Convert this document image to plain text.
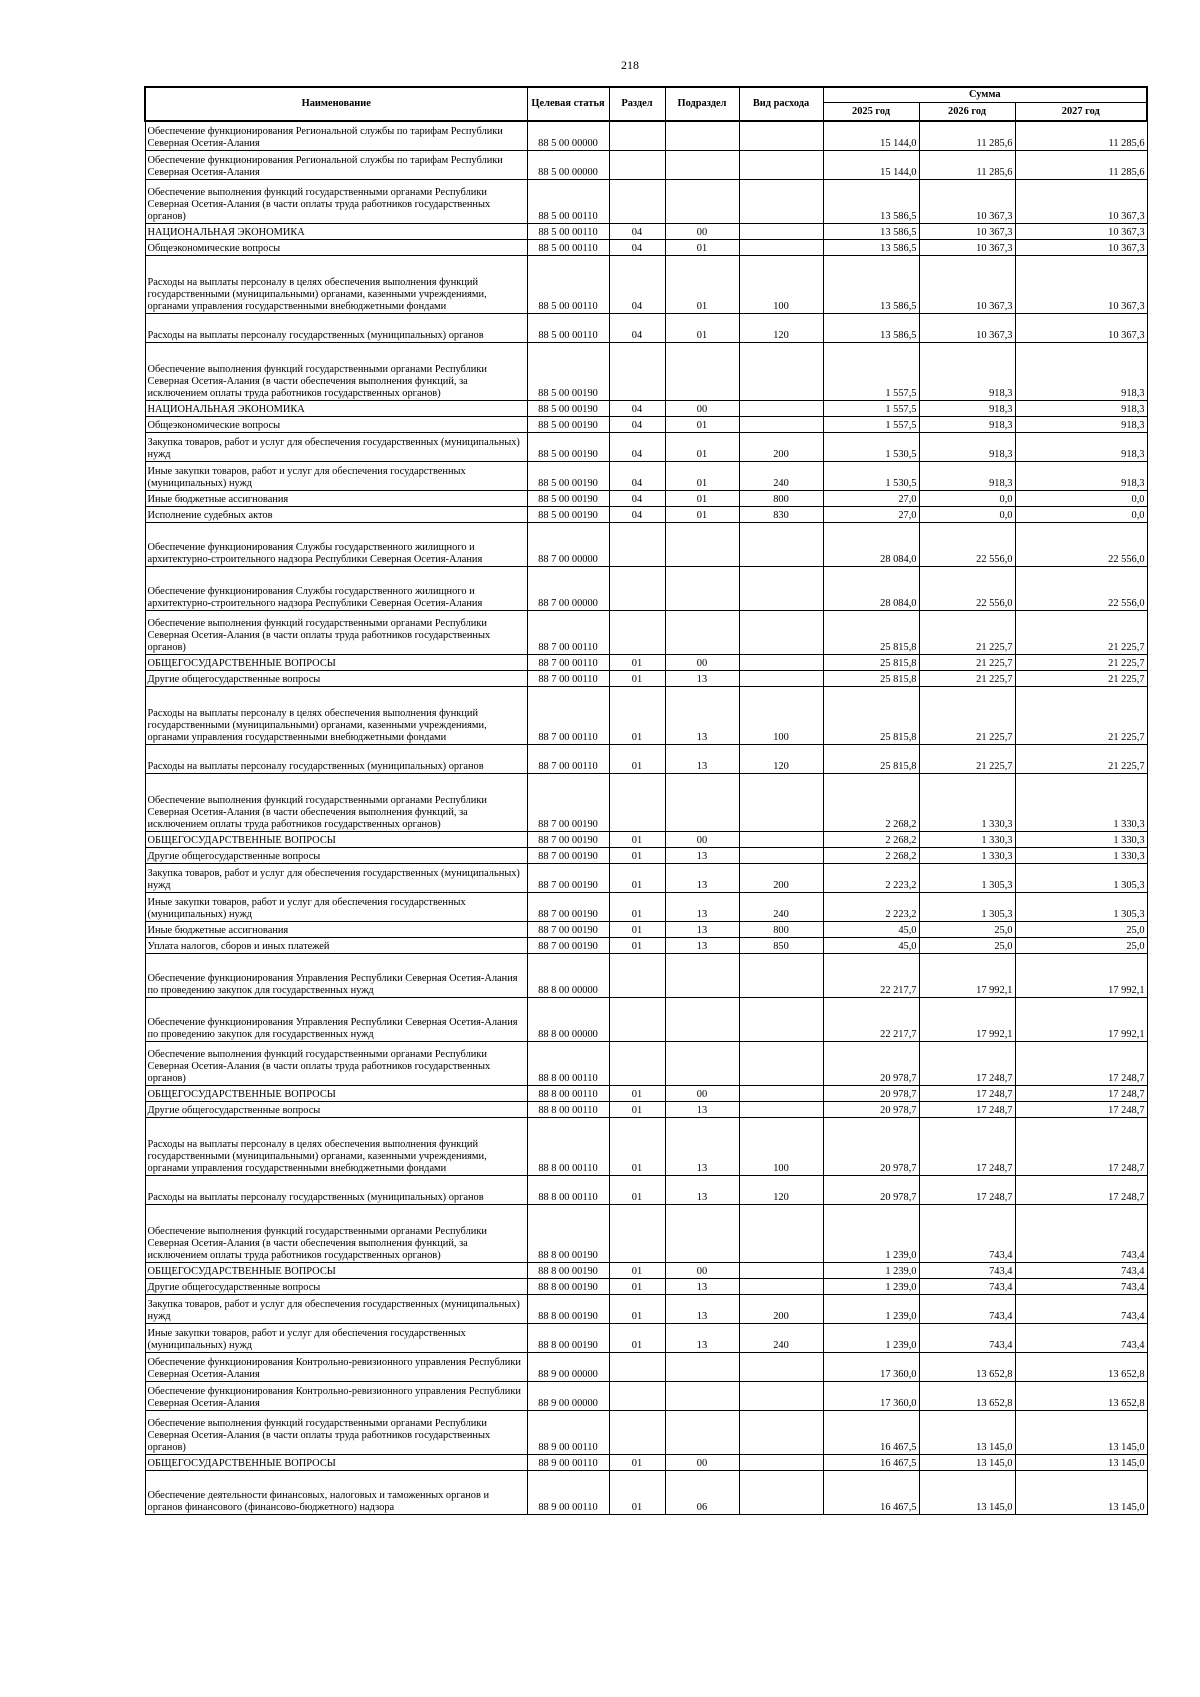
218
Наименование	Целевая статья	Раздел	Подраздел	Вид расхода	Сумма		
					2025 год	2026 год	2027 год
Обеспечение функционирования Региональной службы по тарифам Республики Северная Осетия-Алания	88 5 00 00000				15 144,0	11 285,6	11 285,6
Обеспечение функционирования Региональной службы по тарифам Республики Северная Осетия-Алания	88 5 00 00000				15 144,0	11 285,6	11 285,6
Обеспечение выполнения функций государственными органами Республики Северная Осетия-Алания (в части оплаты труда работников государственных органов)	88 5 00 00110				13 586,5	10 367,3	10 367,3
НАЦИОНАЛЬНАЯ ЭКОНОМИКА	88 5 00 00110	04	00		13 586,5	10 367,3	10 367,3
Общеэкономические вопросы	88 5 00 00110	04	01		13 586,5	10 367,3	10 367,3
Расходы на выплаты персоналу в целях обеспечения выполнения функций государственными (муниципальными) органами, казенными учреждениями, органами управления государственными внебюджетными фондами	88 5 00 00110	04	01	100	13 586,5	10 367,3	10 367,3
Расходы на выплаты персоналу государственных (муниципальных) органов	88 5 00 00110	04	01	120	13 586,5	10 367,3	10 367,3
Обеспечение выполнения функций государственными органами Республики Северная Осетия-Алания (в части обеспечения выполнения функций, за исключением оплаты труда работников государственных органов)	88 5 00 00190				1 557,5	918,3	918,3
НАЦИОНАЛЬНАЯ ЭКОНОМИКА	88 5 00 00190	04	00		1 557,5	918,3	918,3
Общеэкономические вопросы	88 5 00 00190	04	01		1 557,5	918,3	918,3
Закупка товаров, работ и услуг для обеспечения государственных (муниципальных) нужд	88 5 00 00190	04	01	200	1 530,5	918,3	918,3
Иные закупки товаров, работ и услуг для обеспечения государственных (муниципальных) нужд	88 5 00 00190	04	01	240	1 530,5	918,3	918,3
Иные бюджетные ассигнования	88 5 00 00190	04	01	800	27,0	0,0	0,0
Исполнение судебных актов	88 5 00 00190	04	01	830	27,0	0,0	0,0
Обеспечение функционирования Службы государственного жилищного и архитектурно-строительного надзора Республики Северная Осетия-Алания	88 7 00 00000				28 084,0	22 556,0	22 556,0
Обеспечение функционирования Службы государственного жилищного и архитектурно-строительного надзора Республики Северная Осетия-Алания	88 7 00 00000				28 084,0	22 556,0	22 556,0
Обеспечение выполнения функций государственными органами Республики Северная Осетия-Алания (в части оплаты труда работников государственных органов)	88 7 00 00110				25 815,8	21 225,7	21 225,7
ОБЩЕГОСУДАРСТВЕННЫЕ ВОПРОСЫ	88 7 00 00110	01	00		25 815,8	21 225,7	21 225,7
Другие общегосударственные вопросы	88 7 00 00110	01	13		25 815,8	21 225,7	21 225,7
Расходы на выплаты персоналу в целях обеспечения выполнения функций государственными (муниципальными) органами, казенными учреждениями, органами управления государственными внебюджетными фондами	88 7 00 00110	01	13	100	25 815,8	21 225,7	21 225,7
Расходы на выплаты персоналу государственных (муниципальных) органов	88 7 00 00110	01	13	120	25 815,8	21 225,7	21 225,7
Обеспечение выполнения функций государственными органами Республики Северная Осетия-Алания (в части обеспечения выполнения функций, за исключением оплаты труда работников государственных органов)	88 7 00 00190				2 268,2	1 330,3	1 330,3
ОБЩЕГОСУДАРСТВЕННЫЕ ВОПРОСЫ	88 7 00 00190	01	00		2 268,2	1 330,3	1 330,3
Другие общегосударственные вопросы	88 7 00 00190	01	13		2 268,2	1 330,3	1 330,3
Закупка товаров, работ и услуг для обеспечения государственных (муниципальных) нужд	88 7 00 00190	01	13	200	2 223,2	1 305,3	1 305,3
Иные закупки товаров, работ и услуг для обеспечения государственных (муниципальных) нужд	88 7 00 00190	01	13	240	2 223,2	1 305,3	1 305,3
Иные бюджетные ассигнования	88 7 00 00190	01	13	800	45,0	25,0	25,0
Уплата налогов, сборов и иных платежей	88 7 00 00190	01	13	850	45,0	25,0	25,0
Обеспечение функционирования Управления Республики Северная Осетия-Алания по проведению закупок для государственных нужд	88 8 00 00000				22 217,7	17 992,1	17 992,1
Обеспечение функционирования Управления Республики Северная Осетия-Алания по проведению закупок для государственных нужд	88 8 00 00000				22 217,7	17 992,1	17 992,1
Обеспечение выполнения функций государственными органами Республики Северная Осетия-Алания (в части оплаты труда работников государственных органов)	88 8 00 00110				20 978,7	17 248,7	17 248,7
ОБЩЕГОСУДАРСТВЕННЫЕ ВОПРОСЫ	88 8 00 00110	01	00		20 978,7	17 248,7	17 248,7
Другие общегосударственные вопросы	88 8 00 00110	01	13		20 978,7	17 248,7	17 248,7
Расходы на выплаты персоналу в целях обеспечения выполнения функций государственными (муниципальными) органами, казенными учреждениями, органами управления государственными внебюджетными фондами	88 8 00 00110	01	13	100	20 978,7	17 248,7	17 248,7
Расходы на выплаты персоналу государственных (муниципальных) органов	88 8 00 00110	01	13	120	20 978,7	17 248,7	17 248,7
Обеспечение выполнения функций государственными органами Республики Северная Осетия-Алания (в части обеспечения выполнения функций, за исключением оплаты труда работников государственных органов)	88 8 00 00190				1 239,0	743,4	743,4
ОБЩЕГОСУДАРСТВЕННЫЕ ВОПРОСЫ	88 8 00 00190	01	00		1 239,0	743,4	743,4
Другие общегосударственные вопросы	88 8 00 00190	01	13		1 239,0	743,4	743,4
Закупка товаров, работ и услуг для обеспечения государственных (муниципальных) нужд	88 8 00 00190	01	13	200	1 239,0	743,4	743,4
Иные закупки товаров, работ и услуг для обеспечения государственных (муниципальных) нужд	88 8 00 00190	01	13	240	1 239,0	743,4	743,4
Обеспечение функционирования Контрольно-ревизионного управления Республики Северная Осетия-Алания	88 9 00 00000				17 360,0	13 652,8	13 652,8
Обеспечение функционирования Контрольно-ревизионного управления Республики Северная Осетия-Алания	88 9 00 00000				17 360,0	13 652,8	13 652,8
Обеспечение выполнения функций государственными органами Республики Северная Осетия-Алания (в части оплаты труда работников государственных органов)	88 9 00 00110				16 467,5	13 145,0	13 145,0
ОБЩЕГОСУДАРСТВЕННЫЕ ВОПРОСЫ	88 9 00 00110	01	00		16 467,5	13 145,0	13 145,0
Обеспечение деятельности финансовых, налоговых и таможенных органов и органов финансового (финансово-бюджетного) надзора	88 9 00 00110	01	06		16 467,5	13 145,0	13 145,0
